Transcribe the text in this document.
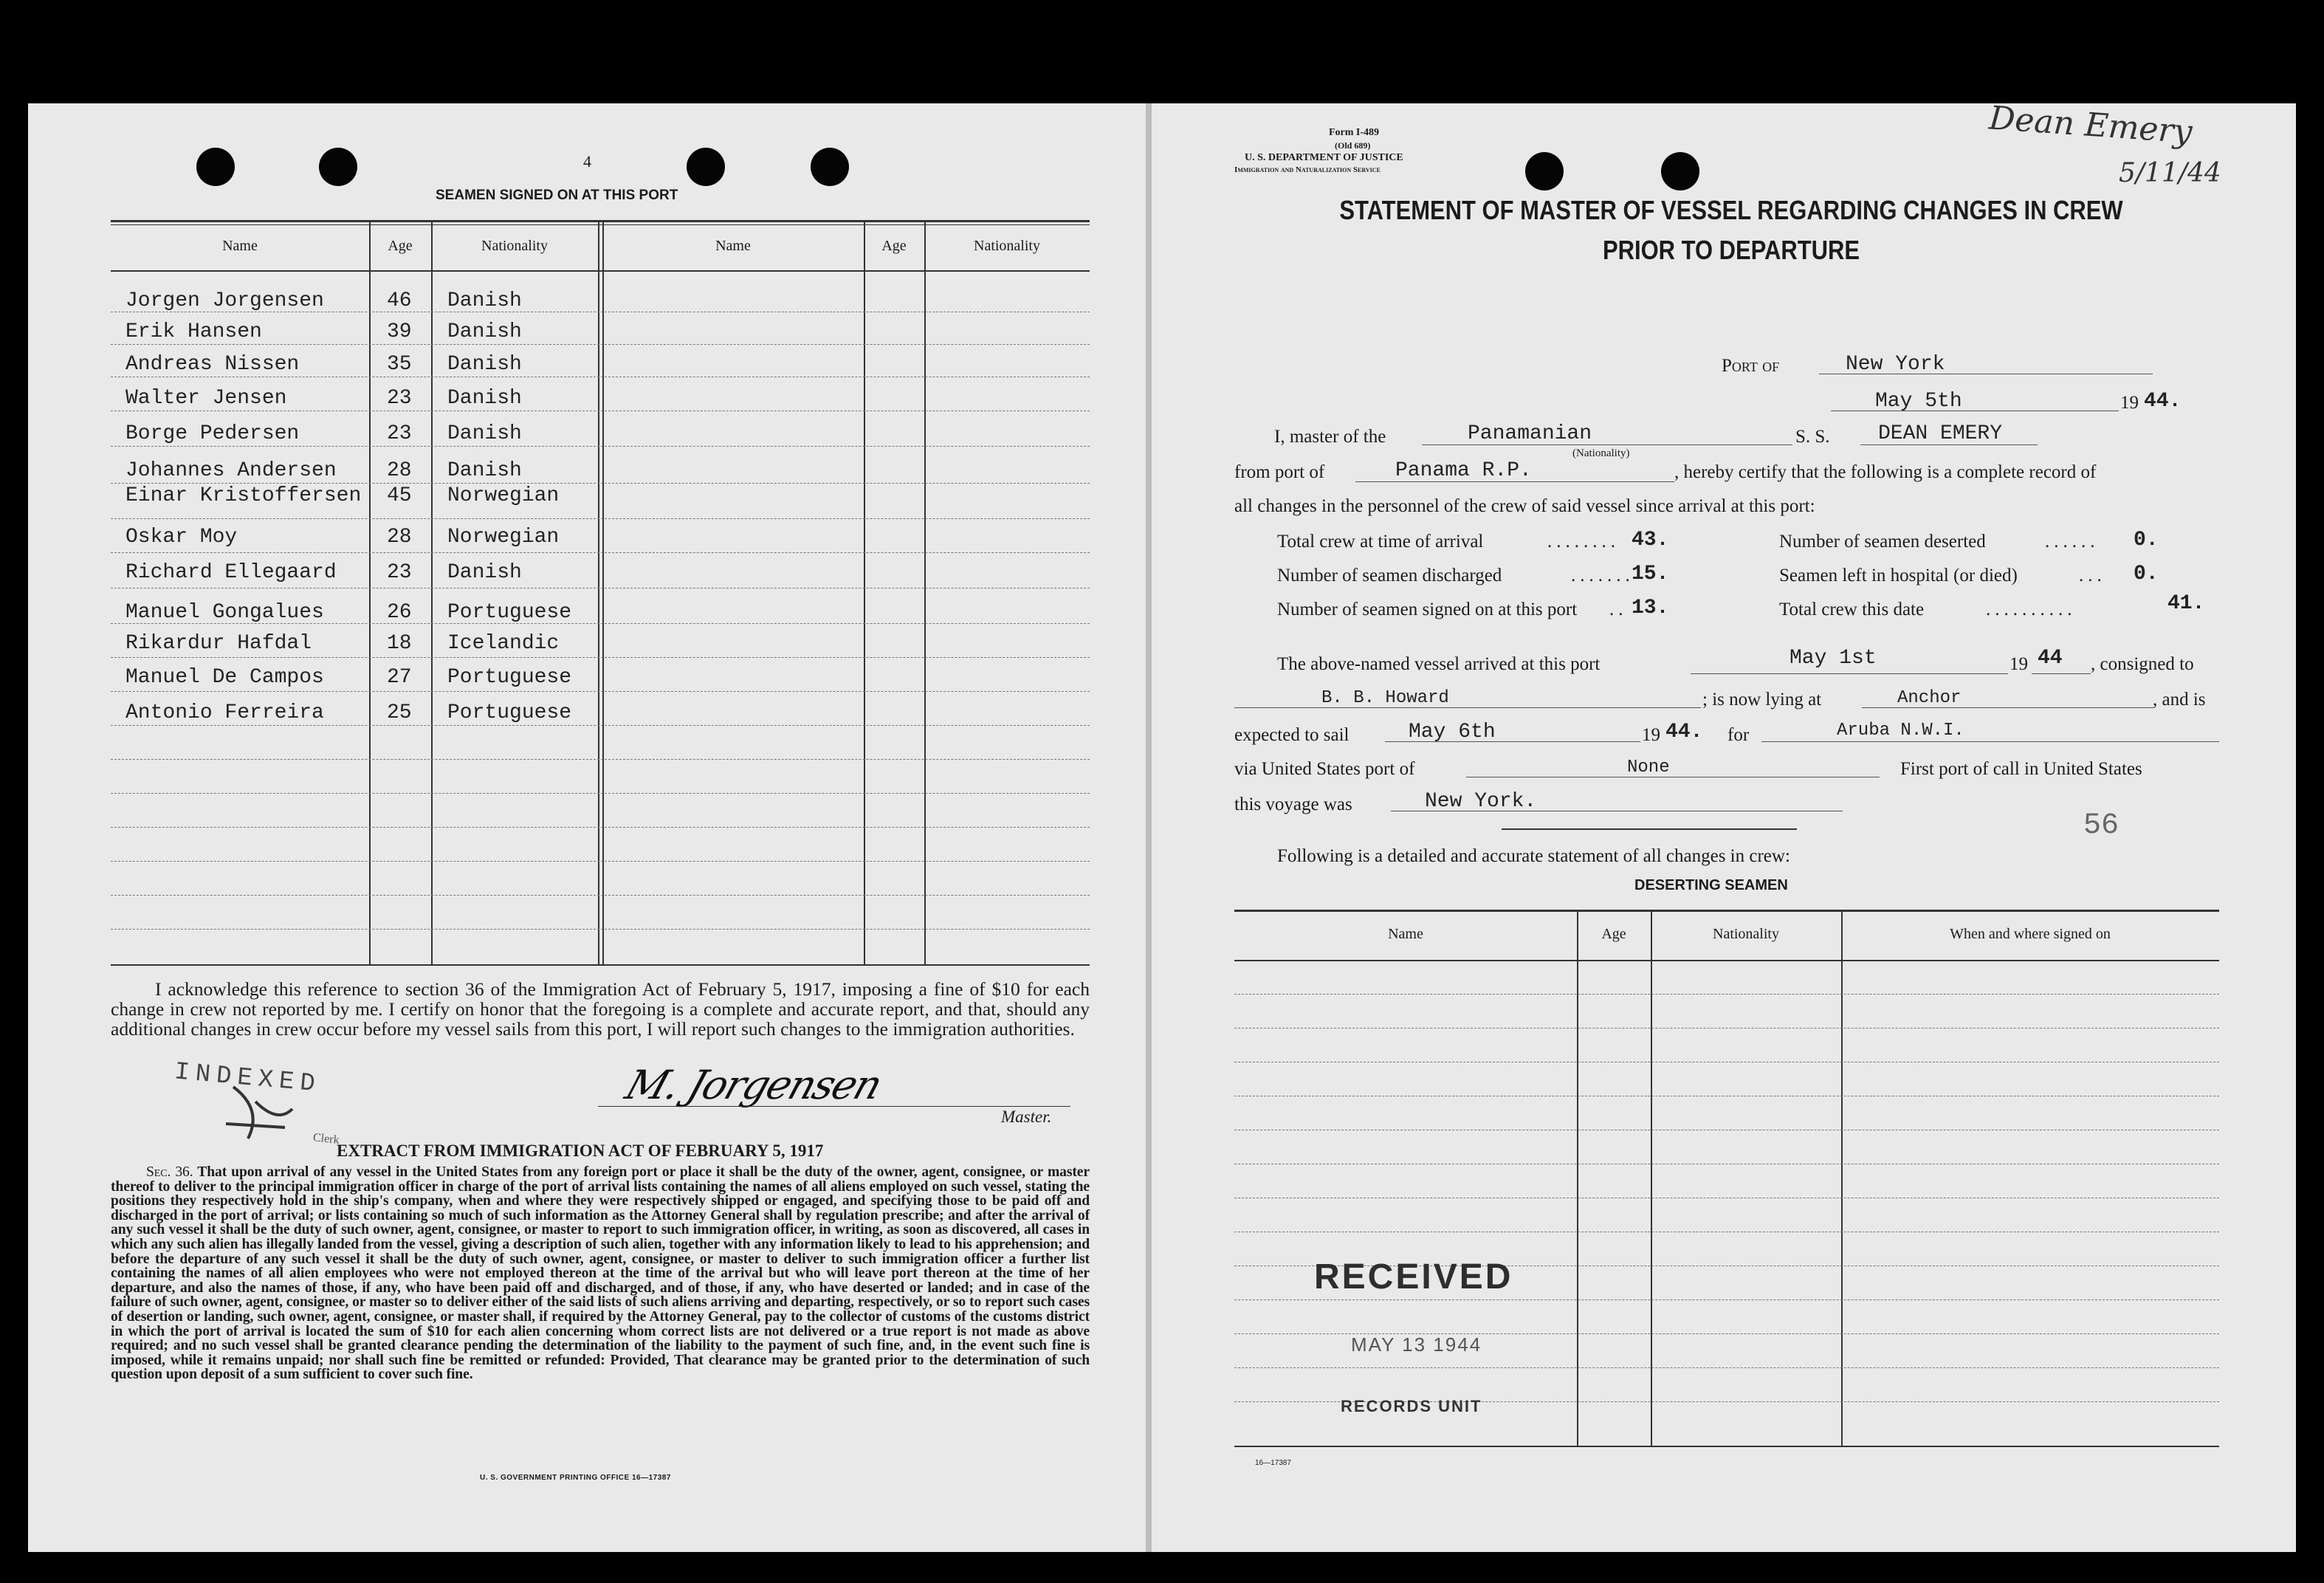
4
SEAMEN SIGNED ON AT THIS PORT
Name	Age	Nationality	Name	Age	Nationality
Jorgen Jorgensen	46 Danish
Erik Hansen	39 Danish
Andreas Nissen	35 Danish
Walter Jensen	23 Danish
Borge Pedersen	23 Danish
Johannes Andersen 28 Danish
Einar Kristoffersen 45 Norwegian
Oskar Moy	28 Norwegian
Richard Ellegaard 23 Danish
Manuel Gongalues	26 Portuguese
Rikardur Hafdal	18 Icelandic
Manuel De Campos	27 Portuguese
Antonio Ferreira	25 Portuguese
I acknowledge this reference to section 36 of the Immigration Act of February 5, 1917, imposing a fine of $10 for each change in crew not reported by me. I certify on honor that the foregoing is a complete and accurate report, and that, should any additional changes in crew occur before my vessel sails from this port, I will report such changes to the immigration authorities.
INDEXED
Clerk
M. Jorgensen
Master.
EXTRACT FROM IMMIGRATION ACT OF FEBRUARY 5, 1917
Sec. 36. That upon arrival of any vessel in the United States from any foreign port or place it shall be the duty of the owner, agent, consignee, or master thereof to deliver to the principal immigration officer in charge of the port of arrival lists containing the names of all aliens employed on such vessel, stating the positions they respectively hold in the ship's company, when and where they were respectively shipped or engaged, and specifying those to be paid off and discharged in the port of arrival; or lists containing so much of such information as the Attorney General shall by regulation prescribe; and after the arrival of any such vessel it shall be the duty of such owner, agent, consignee, or master to report to such immigration officer, in writing, as soon as discovered, all cases in which any such alien has illegally landed from the vessel, giving a description of such alien, together with any information likely to lead to his apprehension; and before the departure of any such vessel it shall be the duty of such owner, agent, consignee, or master to deliver to such immigration officer a further list containing the names of all alien employees who were not employed thereon at the time of the arrival but who will leave port thereon at the time of her departure, and also the names of those, if any, who have been paid off and discharged, and of those, if any, who have deserted or landed; and in case of the failure of such owner, agent, consignee, or master so to deliver either of the said lists of such aliens arriving and departing, respectively, or so to report such cases of desertion or landing, such owner, agent, consignee, or master shall, if required by the Attorney General, pay to the collector of customs of the customs district in which the port of arrival is located the sum of $10 for each alien concerning whom correct lists are not delivered or a true report is not made as above required; and no such vessel shall be granted clearance pending the determination of the liability to the payment of such fine, and, in the event such fine is imposed, while it remains unpaid; nor shall such fine be remitted or refunded: Provided, That clearance may be granted prior to the determination of such question upon deposit of a sum sufficient to cover such fine.
U. S. GOVERNMENT PRINTING OFFICE 16—17387
Form I-489
(Old 689)
U. S. DEPARTMENT OF JUSTICE
Immigration and Naturalization Service
Dean Emery
5/11/44
STATEMENT OF MASTER OF VESSEL REGARDING CHANGES IN CREW
PRIOR TO DEPARTURE
Port of	New York
May 5th	19 44.
I, master of the	Panamanian
(Nationality)
S. S. DEAN EMERY
from port of	Panama R.P.	, hereby certify that the following is a complete record of
all changes in the personnel of the crew of said vessel since arrival at this port:
Total crew at time of arrival	........ 43.
Number of seamen discharged	.......
15.
Number of seamen signed on at this port .. 13.
Number of seamen deserted	...... 0.
Seamen left in hospital (or died)	... 0.
Total crew this date	..........	41.
The above-named vessel arrived at this port	May 1st	19 44 , consigned to
B. B. Howard	; is now lying at	Anchor	, and is
expected to sail	May 6th	19 44. for	Aruba N.W.I.
via United States port of	None	First port of call in United States
this voyage was	New York.
56
Following is a detailed and accurate statement of all changes in crew:
DESERTING SEAMEN
Name	Age	Nationality	When and where signed on
RECEIVED
MAY 13 1944
RECORDS UNIT
16—17387
